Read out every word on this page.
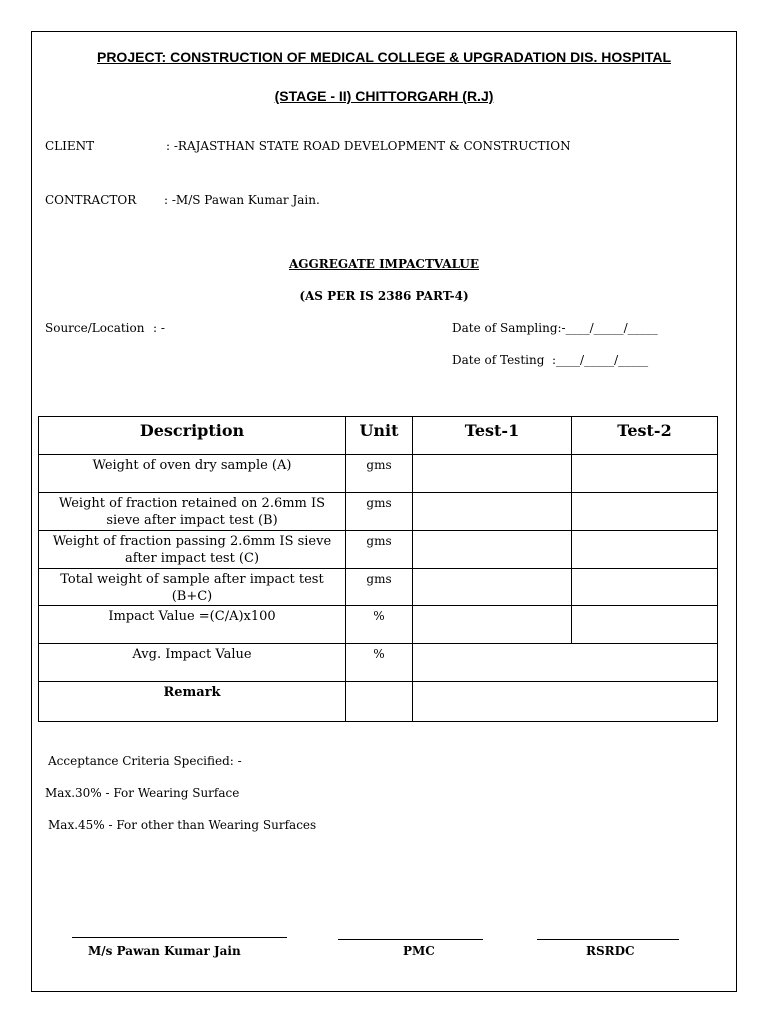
PROJECT: CONSTRUCTION OF MEDICAL COLLEGE & UPGRADATION DIS. HOSPITAL
(STAGE - II) CHITTORGARH (R.J)
CLIENT	: -RAJASTHAN STATE ROAD DEVELOPMENT & CONSTRUCTION
CONTRACTOR : -M/S Pawan Kumar Jain.
AGGREGATE IMPACTVALUE
(AS PER IS 2386 PART-4)
Source/Location : -	Date of Sampling:-____/_____/_____
Date of Testing :____/_____/_____
Description	Unit	Test-1	Test-2
Weight of oven dry sample (A)	gms		
Weight of fraction retained on 2.6mm IS sieve after impact test (B)	gms		
Weight of fraction passing 2.6mm IS sieve after impact test (C)	gms		
Total weight of sample after impact test (B+C)	gms		
Impact Value =(C/A)x100	%		
Avg. Impact Value	%		
Remark			
Acceptance Criteria Specified: -
Max.30% - For Wearing Surface
Max.45% - For other than Wearing Surfaces
M/s Pawan Kumar Jain	PMC	RSRDC
